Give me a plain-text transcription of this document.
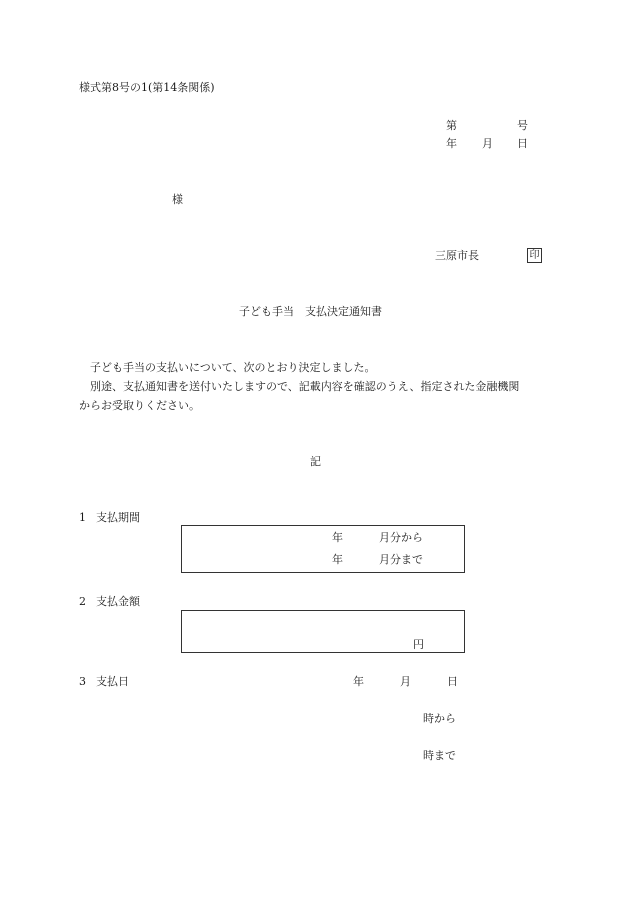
様式第8号の1(第14条関係)
第	号
年 月 日
様
三原市長	印
子ども手当　支払決定通知書
子ども手当の支払いについて、次のとおり決定しました。
別途、支払通知書を送付いたしますので、記載内容を確認のうえ、指定された金融機関
からお受取りください。
記
1 支払期間
年	月分から
年	月分まで
2 支払金額
円
3 支払日	年	月	日
時から
時まで
